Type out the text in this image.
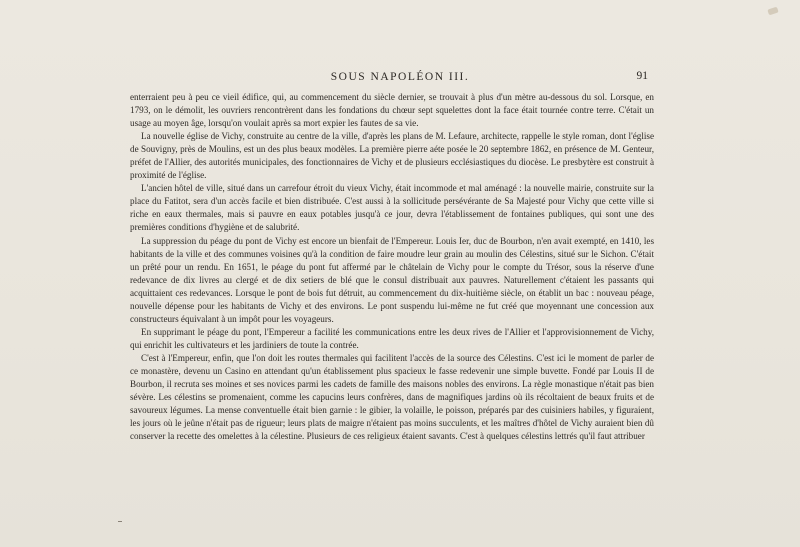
SOUS NAPOLÉON III.	91

enterraient peu à peu ce vieil édifice, qui, au commencement du siècle dernier, se trouvait à plus d'un mètre au-dessous du sol. Lorsque, en 1793, on le démolit, les ouvriers rencontrèrent dans les fondations du chœur sept squelettes dont la face était tournée contre terre. C'était un usage au moyen âge, lorsqu'on voulait après sa mort expier les fautes de sa vie.

La nouvelle église de Vichy, construite au centre de la ville, d'après les plans de M. Lefaure, architecte, rappelle le style roman, dont l'église de Souvigny, près de Moulins, est un des plus beaux modèles. La première pierre aéte posée le 20 septembre 1862, en présence de M. Genteur, préfet de l'Allier, des autorités municipales, des fonctionnaires de Vichy et de plusieurs ecclésiastiques du diocèse. Le presbytère est construit à proximité de l'église.

L'ancien hôtel de ville, situé dans un carrefour étroit du vieux Vichy, était incommode et mal aménagé : la nouvelle mairie, construite sur la place du Fatitot, sera d'un accès facile et bien distribuée. C'est aussi à la sollicitude persévérante de Sa Majesté pour Vichy que cette ville si riche en eaux thermales, mais si pauvre en eaux potables jusqu'à ce jour, devra l'établissement de fontaines publiques, qui sont une des premières conditions d'hygiène et de salubrité.

La suppression du péage du pont de Vichy est encore un bienfait de l'Empereur. Louis Ier, duc de Bourbon, n'en avait exempté, en 1410, les habitants de la ville et des communes voisines qu'à la condition de faire moudre leur grain au moulin des Célestins, situé sur le Sichon. C'était un prêté pour un rendu. En 1651, le péage du pont fut affermé par le châtelain de Vichy pour le compte du Trésor, sous la réserve d'une redevance de dix livres au clergé et de dix setiers de blé que le consul distribuait aux pauvres. Naturellement c'étaient les passants qui acquittaient ces redevances. Lorsque le pont de bois fut détruit, au commencement du dix-huitième siècle, on établit un bac : nouveau péage, nouvelle dépense pour les habitants de Vichy et des environs. Le pont suspendu lui-même ne fut créé que moyennant une concession aux constructeurs équivalant à un impôt pour les voyageurs.

En supprimant le péage du pont, l'Empereur a facilité les communications entre les deux rives de l'Allier et l'approvisionnement de Vichy, qui enrichit les cultivateurs et les jardiniers de toute la contrée.

C'est à l'Empereur, enfin, que l'on doit les routes thermales qui facilitent l'accès de la source des Célestins. C'est ici le moment de parler de ce monastère, devenu un Casino en attendant qu'un établissement plus spacieux le fasse redevenir une simple buvette. Fondé par Louis II de Bourbon, il recruta ses moines et ses novices parmi les cadets de famille des maisons nobles des environs. La règle monastique n'était pas bien sévère. Les célestins se promenaient, comme les capucins leurs confrères, dans de magnifiques jardins où ils récoltaient de beaux fruits et de savoureux légumes. La mense conventuelle était bien garnie : le gibier, la volaille, le poisson, préparés par des cuisiniers habiles, y figuraient, les jours où le jeûne n'était pas de rigueur; leurs plats de maigre n'étaient pas moins succulents, et les maîtres d'hôtel de Vichy auraient bien dû conserver la recette des omelettes à la célestine. Plusieurs de ces religieux étaient savants. C'est à quelques célestins lettrés qu'il faut attribuer
